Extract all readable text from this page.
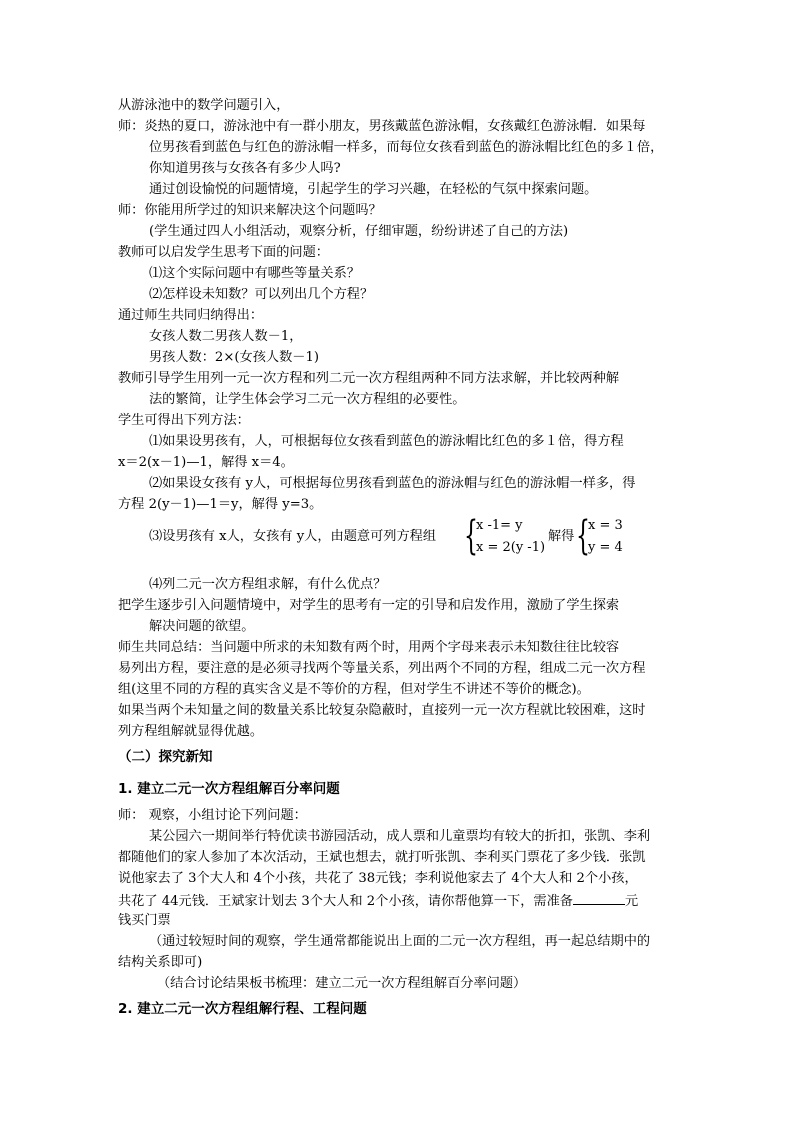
从游泳池中的数学问题引入，
师：炎热的夏口，游泳池中有一群小朋友，男孩戴蓝色游泳帽，女孩戴红色游泳帽．如果每
位男孩看到蓝色与红色的游泳帽一样多，而每位女孩看到蓝色的游泳帽比红色的多１倍，
你知道男孩与女孩各有多少人吗?
通过创设愉悦的问题情境，引起学生的学习兴趣，在轻松的气氛中探索问题。
师：你能用所学过的知识来解决这个问题吗？
(学生通过四人小组活动，观察分析，仔细审题，纷纷讲述了自己的方法)
教师可以启发学生思考下面的问题：
⑴这个实际问题中有哪些等量关系？
⑵怎样设未知数？可以列出几个方程？
通过师生共同归纳得出：
女孩人数二男孩人数－1，
男孩人数：2×(女孩人数－1)
教师引导学生用列一元一次方程和列二元一次方程组两种不同方法求解，并比较两种解
法的繁简，让学生体会学习二元一次方程组的必要性。
学生可得出下列方法：
⑴如果设男孩有，人，可根据每位女孩看到蓝色的游泳帽比红色的多１倍，得方程
x＝2(x－1)—1，解得 x＝4。
⑵如果设女孩有 y人，可根据每位男孩看到蓝色的游泳帽与红色的游泳帽一样多，得
方程 2(y－1)—1＝y，解得 y=3。
⑶设男孩有 x人，女孩有 y人，由题意可列方程组 {
x -1= y
x = 2(y -1)
解得 {
x = 3
y = 4
⑷列二元一次方程组求解，有什么优点？
把学生逐步引入问题情境中，对学生的思考有一定的引导和启发作用，激励了学生探索
解决问题的欲望。
师生共同总结：当问题中所求的未知数有两个时，用两个字母来表示未知数往往比较容
易列出方程，要注意的是必须寻找两个等量关系，列出两个不同的方程，组成二元一次方程
组(这里不同的方程的真实含义是不等价的方程，但对学生不讲述不等价的概念)。
如果当两个未知量之间的数量关系比较复杂隐蔽时，直接列一元一次方程就比较困难，这时
列方程组解就显得优越。
（二）探究新知
1. 建立二元一次方程组解百分率问题
师： 观察，小组讨论下列问题：
某公园六一期间举行特优读书游园活动，成人票和儿童票均有较大的折扣，张凯、李利
都随他们的家人参加了本次活动，王斌也想去，就打听张凯、李利买门票花了多少钱．张凯
说他家去了 3个大人和 4个小孩，共花了 38元钱；李利说他家去了 4个大人和 2个小孩，
共花了 44元钱．王斌家计划去 3个大人和 2个小孩，请你帮他算一下，需准备	元
钱买门票
（通过较短时间的观察，学生通常都能说出上面的二元一次方程组，再一起总结期中的
结构关系即可)
（结合讨论结果板书梳理：建立二元一次方程组解百分率问题）
2. 建立二元一次方程组解行程、工程问题
